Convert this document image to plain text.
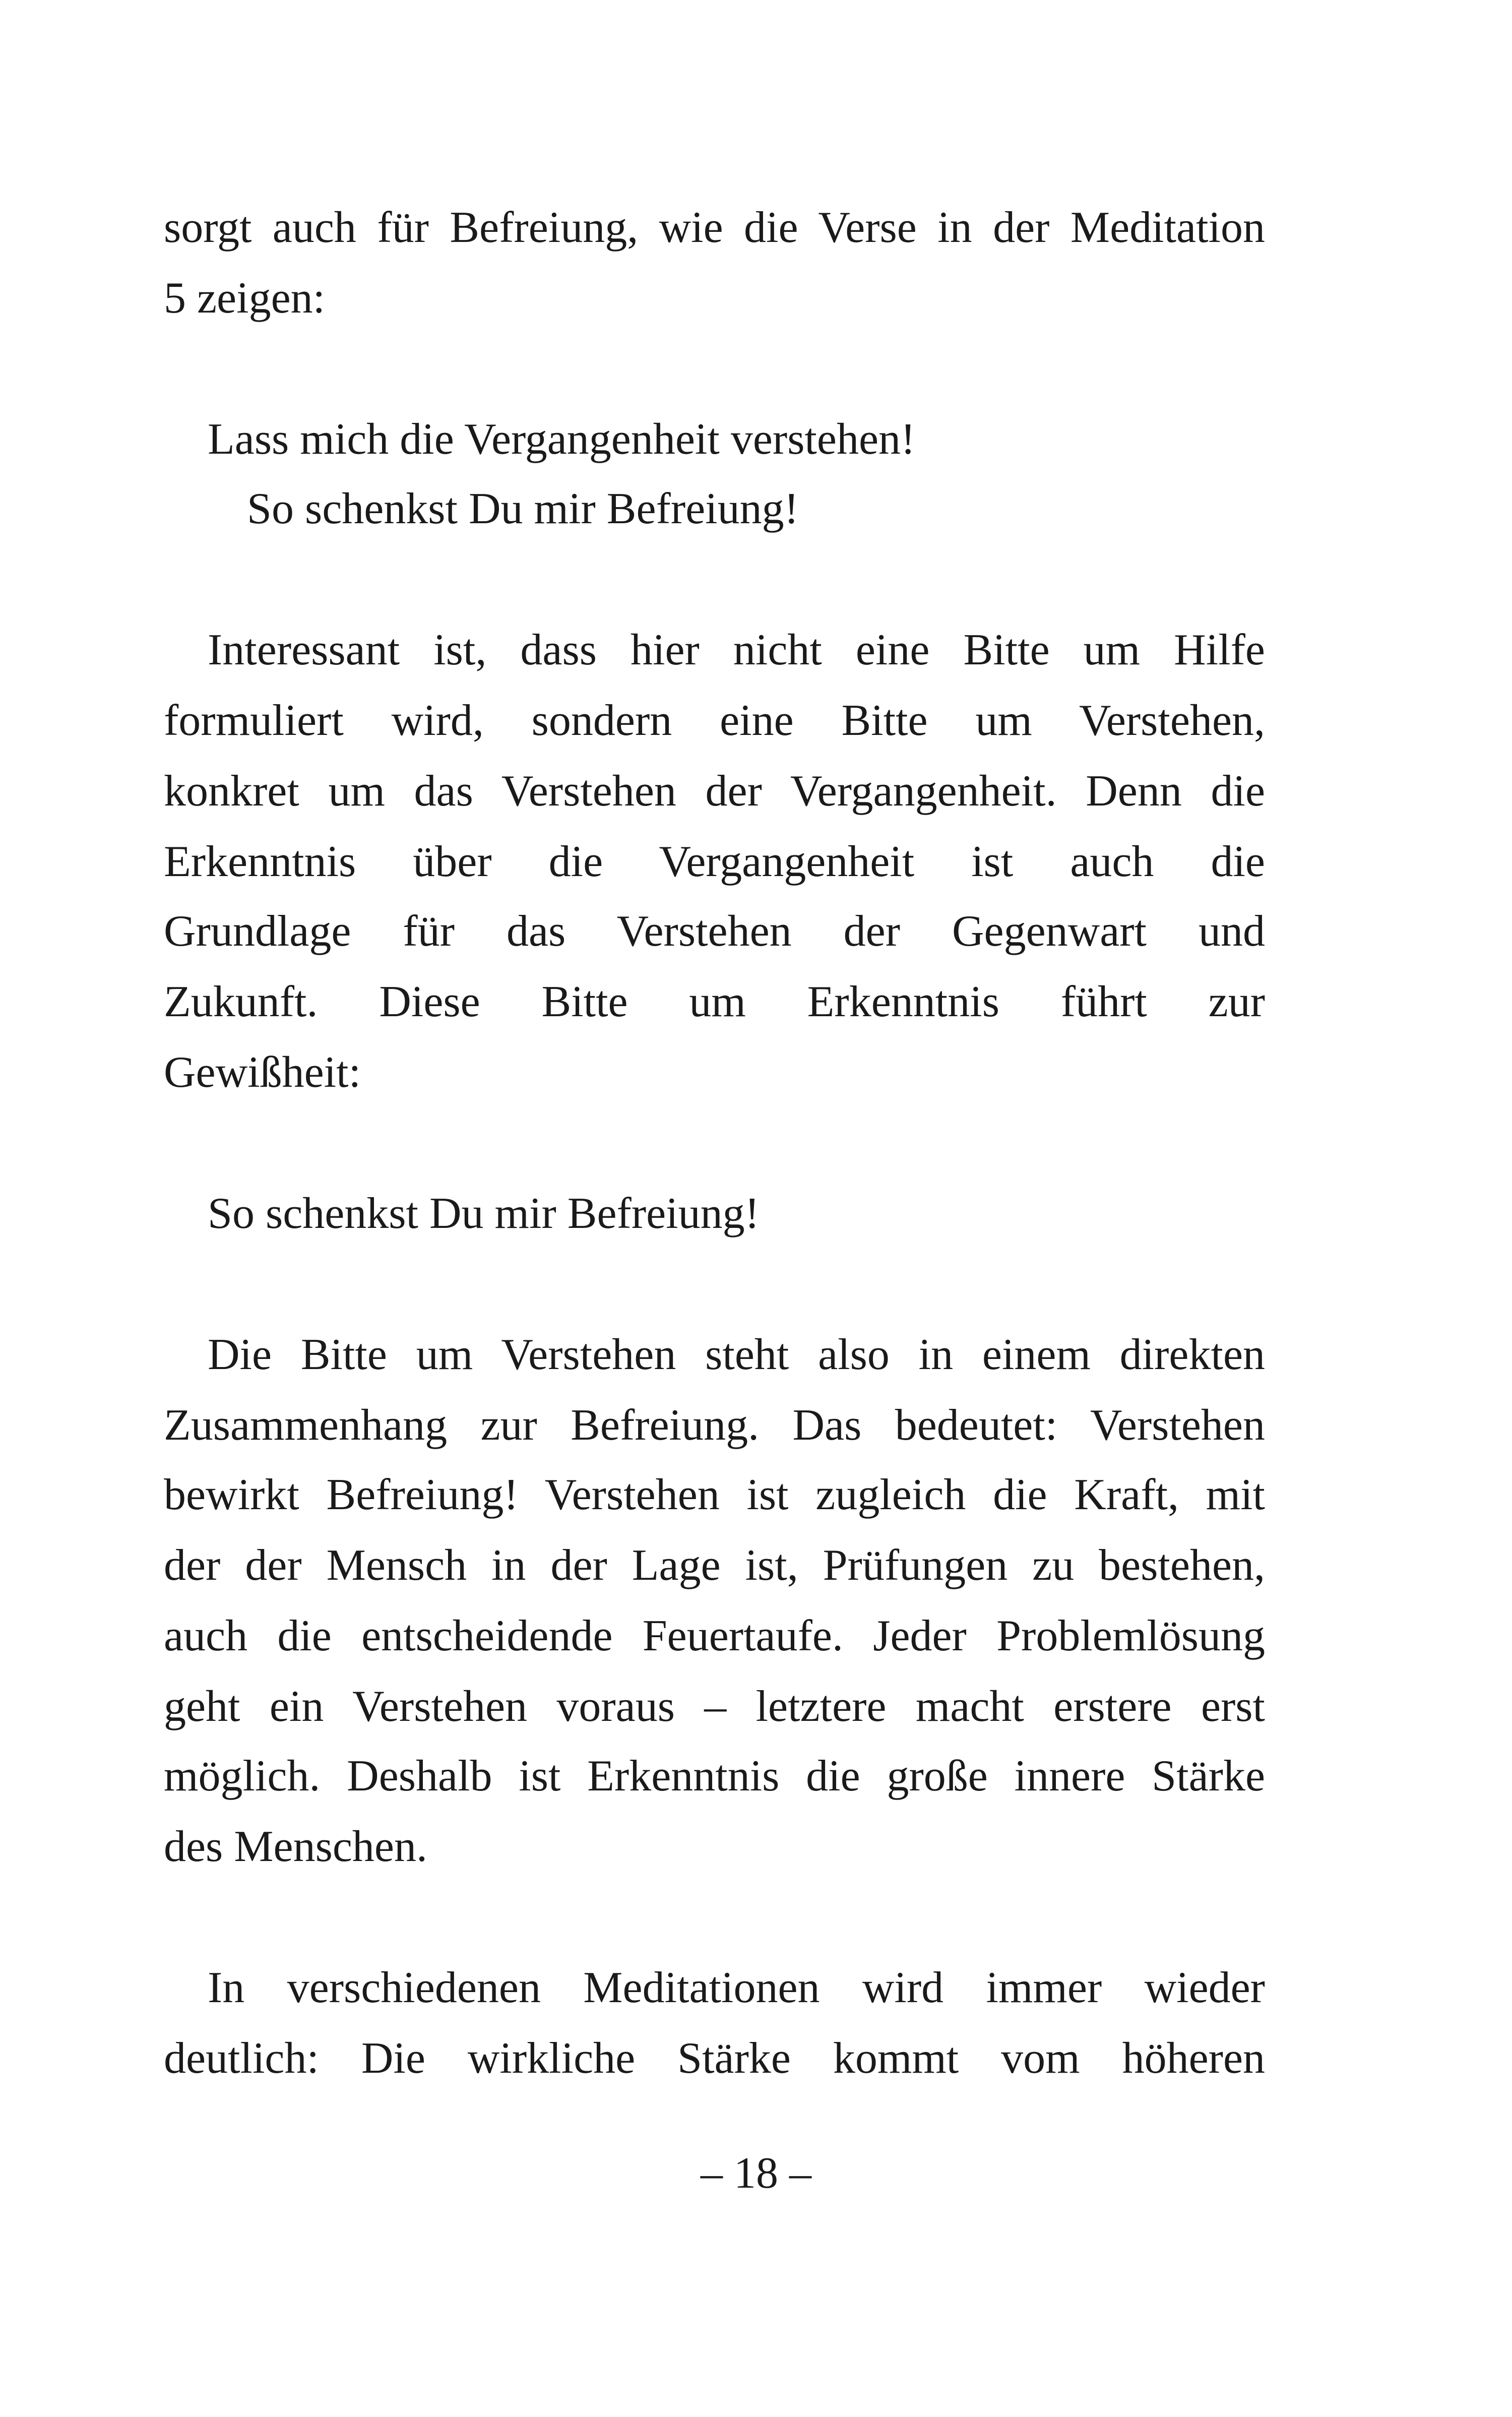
sorgt auch für Befreiung, wie die Verse in der Meditation
5 zeigen:
Lass mich die Vergangenheit verstehen!
So schenkst Du mir Befreiung!
Interessant ist, dass hier nicht eine Bitte um Hilfe
formuliert wird, sondern eine Bitte um Verstehen,
konkret um das Verstehen der Vergangenheit. Denn die
Erkenntnis über die Vergangenheit ist auch die
Grundlage für das Verstehen der Gegenwart und
Zukunft. Diese Bitte um Erkenntnis führt zur
Gewißheit:
So schenkst Du mir Befreiung!
Die Bitte um Verstehen steht also in einem direkten
Zusammenhang zur Befreiung. Das bedeutet: Verstehen
bewirkt Befreiung! Verstehen ist zugleich die Kraft, mit
der der Mensch in der Lage ist, Prüfungen zu bestehen,
auch die entscheidende Feuertaufe. Jeder Problemlösung
geht ein Verstehen voraus – letztere macht erstere erst
möglich. Deshalb ist Erkenntnis die große innere Stärke
des Menschen.
In verschiedenen Meditationen wird immer wieder
deutlich: Die wirkliche Stärke kommt vom höheren
– 18 –
